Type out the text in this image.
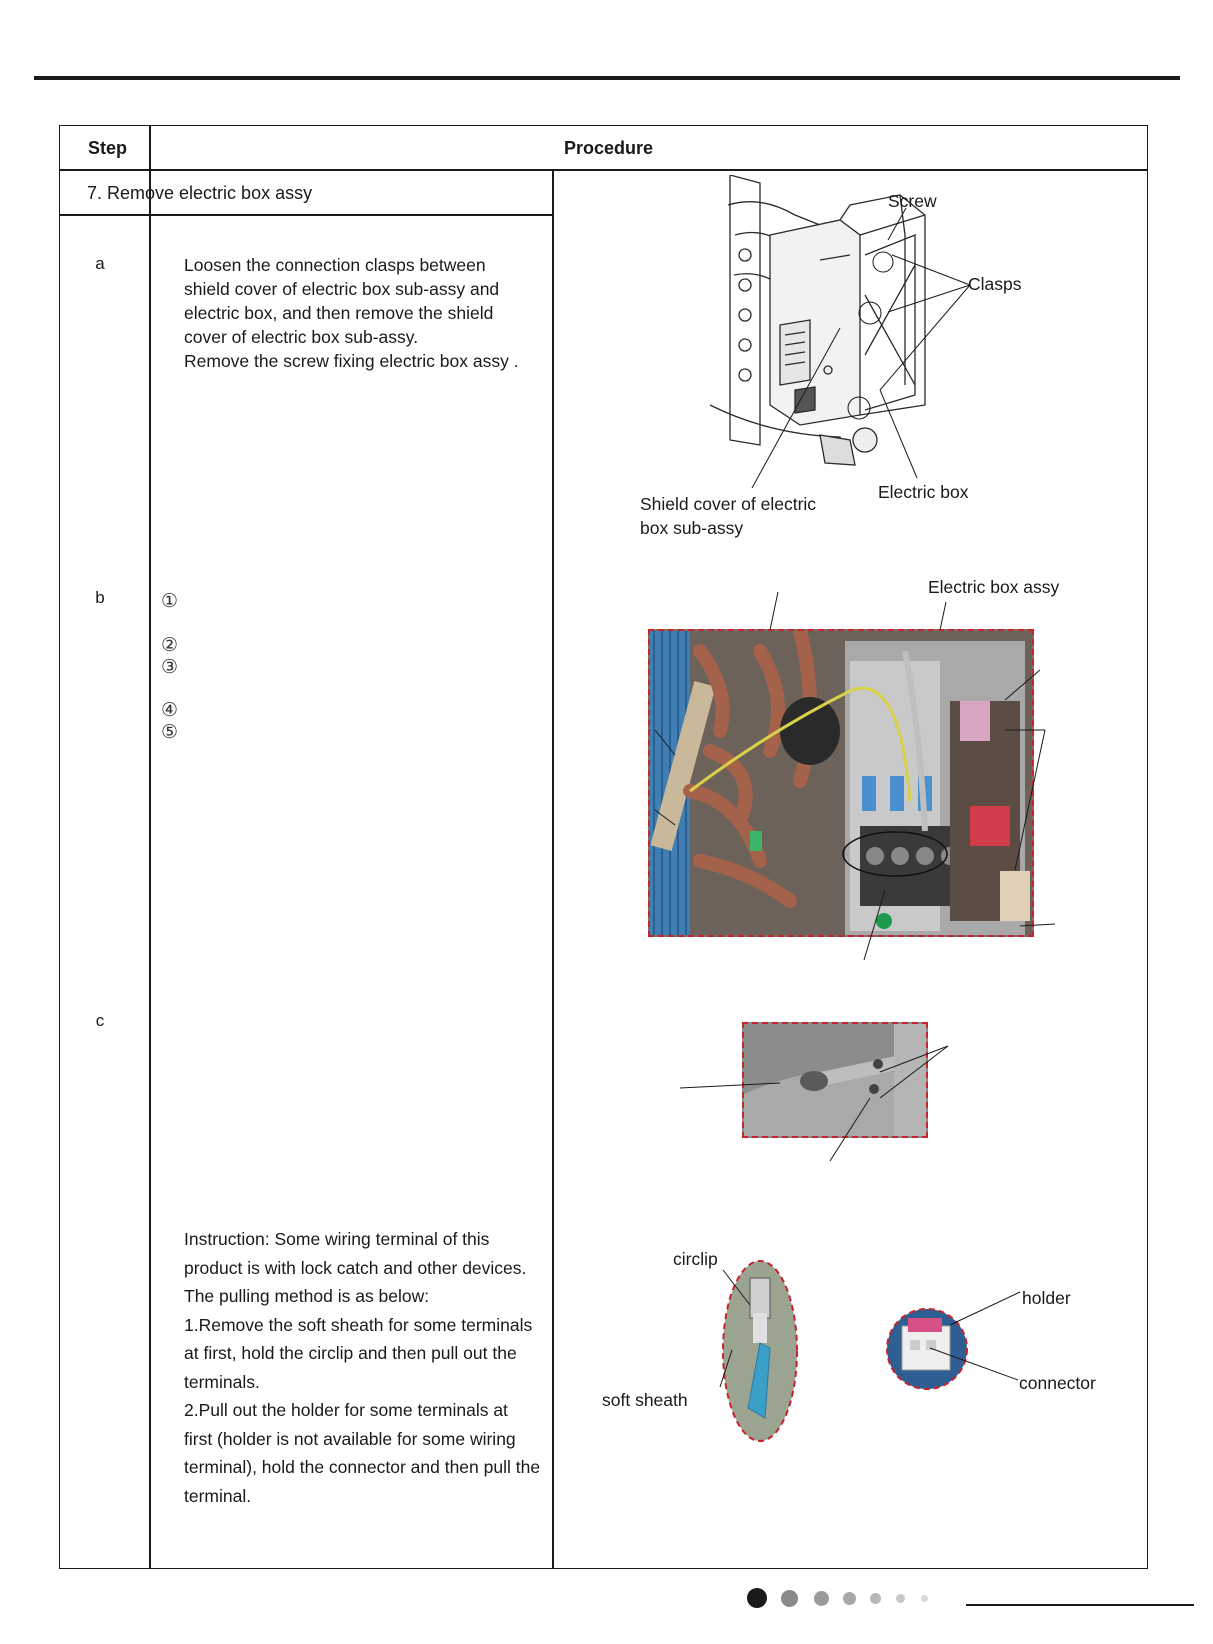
Step	Procedure
7. Remove electric box assy
a
b
c
Loosen the connection clasps between
shield cover of electric box sub-assy and
electric box, and then remove the shield
cover of electric box sub-assy.
Remove the screw fixing electric box assy .
①
②
③
④
⑤
Instruction: Some wiring terminal of this
product is with lock catch and other devices.
The pulling method is as below:
1.Remove the soft sheath for some terminals
at first, hold the circlip and then pull out the
terminals.
2.Pull out the holder for some terminals at
first (holder is not available for some wiring
terminal), hold the connector and then pull the
terminal.
Screw
Clasps
Electric box
Shield cover of electric
box sub-assy
Electric box assy
circlip
soft sheath
holder
connector
